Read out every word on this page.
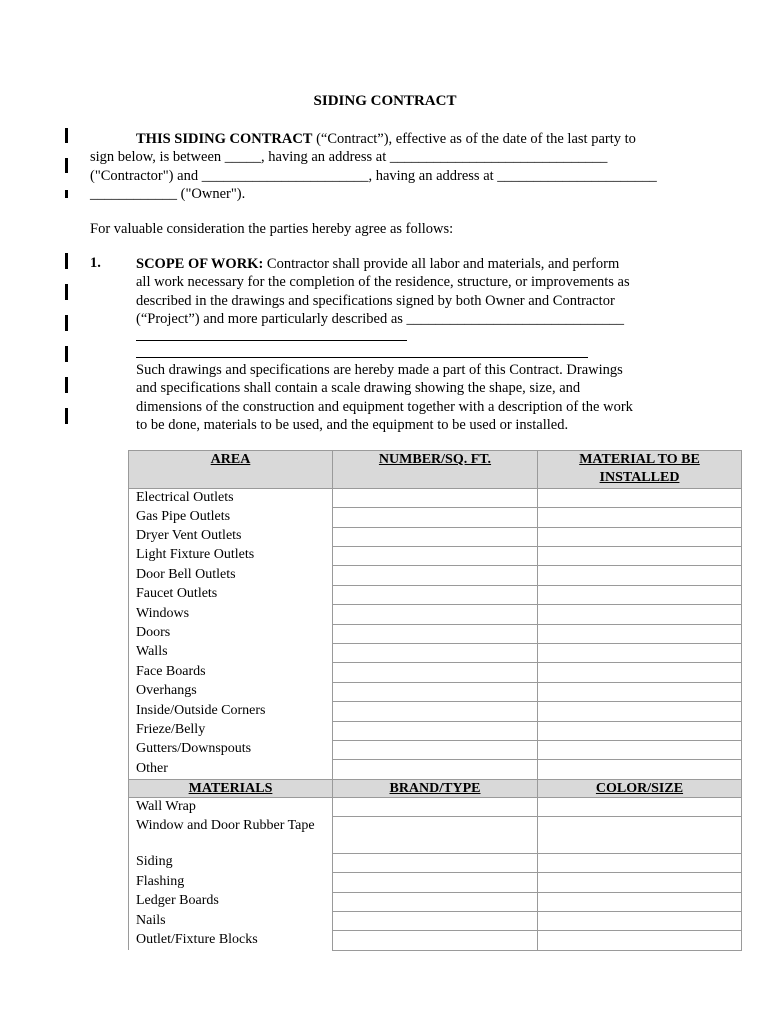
SIDING CONTRACT
THIS SIDING CONTRACT (“Contract”), effective as of the date of the last party to
sign below, is between _____, having an address at ______________________________
("Contractor") and _______________________, having an address at ______________________
____________ ("Owner").
For valuable consideration the parties hereby agree as follows:
1. SCOPE OF WORK: Contractor shall provide all labor and materials, and perform
all work necessary for the completion of the residence, structure, or improvements as
described in the drawings and specifications signed by both Owner and Contractor
(“Project”) and more particularly described as ______________________________
Such drawings and specifications are hereby made a part of this Contract. Drawings
and specifications shall contain a scale drawing showing the shape, size, and
dimensions of the construction and equipment together with a description of the work
to be done, materials to be used, and the equipment to be used or installed.
AREA	NUMBER/SQ. FT.	MATERIAL TO BE INSTALLED
Electrical Outlets		
Gas Pipe Outlets		
Dryer Vent Outlets		
Light Fixture Outlets		
Door Bell Outlets		
Faucet Outlets		
Windows		
Doors		
Walls		
Face Boards		
Overhangs		
Inside/Outside Corners		
Frieze/Belly		
Gutters/Downspouts		
Other		
MATERIALS	BRAND/TYPE	COLOR/SIZE
Wall Wrap		
Window and Door Rubber Tape		
Siding		
Flashing		
Ledger Boards		
Nails		
Outlet/Fixture Blocks		
